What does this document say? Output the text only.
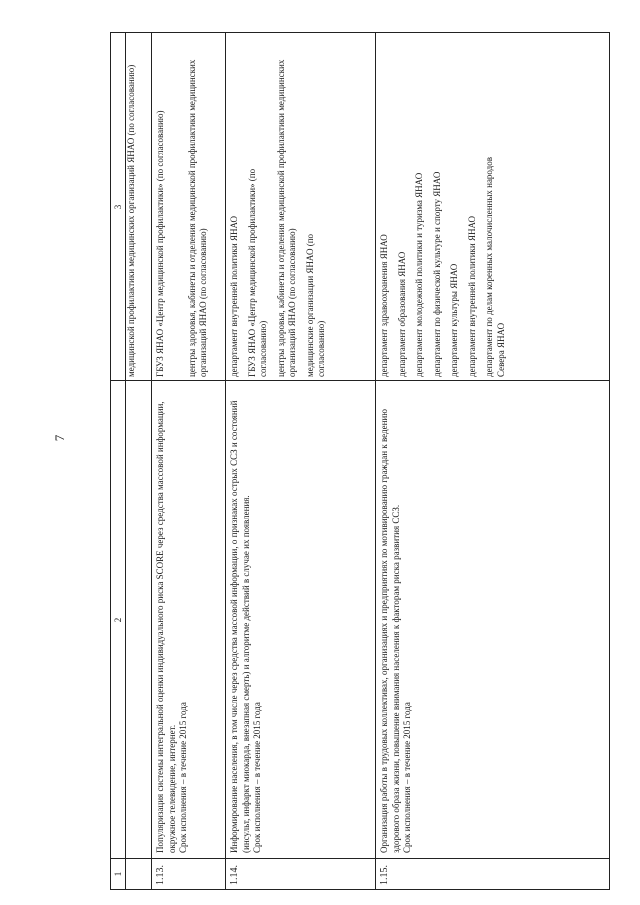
7
1
2
3 медицинской профилактики медицинских организаций ЯНАО (по согласованию)
1.13.
Популяризация системы интегральной оценки индивидуального риска SCORE через средства массовой информации, окружное телевидение, интернет. Срок исполнения – в течение 2015 года
ГБУЗ ЯНАО «Центр медицинской профилактики» (по согласованию) центры здоровья, кабинеты и отделения медицинской профилактики медицинских организаций ЯНАО (по согласованию)
1.14.
Информирование населения, в том числе через средства массовой информации, о признаках острых ССЗ и состояний (инсульт, инфаркт миокарда, внезапная смерть) и алгоритме действий в случае их появления. Срок исполнения – в течение 2015 года
департамент внутренней политики ЯНАО ГБУЗ ЯНАО «Центр медицинской профилактики» (по согласованию) центры здоровья, кабинеты и отделения медицинской профилактики медицинских организаций ЯНАО (по согласованию) медицинские организации ЯНАО (по согласованию)
1.15.
Организация работы в трудовых коллективах, организациях и предприятиях по мотивированию граждан к ведению здорового образа жизни, повышение внимания населения к факторам риска развития ССЗ. Срок исполнения – в течение 2015 года
департамент здравоохранения ЯНАО департамент образования ЯНАО департамент молодежной политики и туризма ЯНАО департамент по физической культуре и спорту ЯНАО департамент культуры ЯНАО департамент внутренней политики ЯНАО департамент по делам коренных малочисленных народов Севера ЯНАО
